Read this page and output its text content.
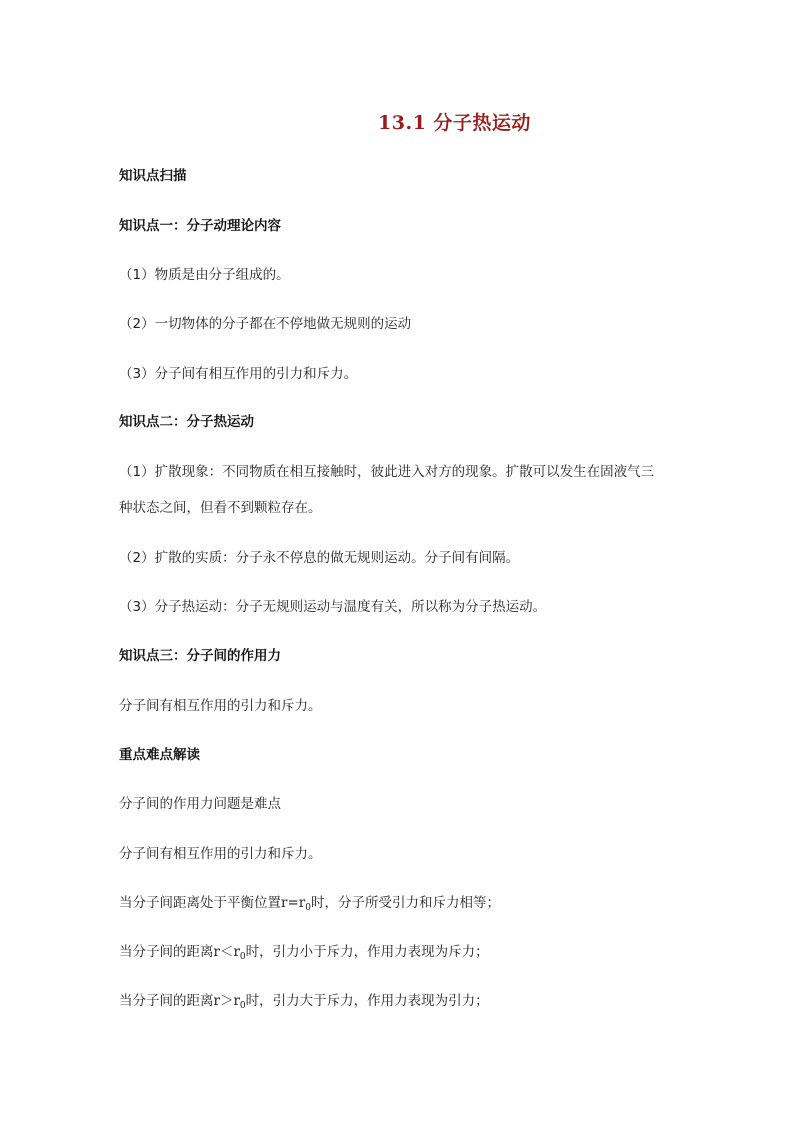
13.1 分子热运动
知识点扫描
知识点一：分子动理论内容
（1）物质是由分子组成的。
（2）一切物体的分子都在不停地做无规则的运动
（3）分子间有相互作用的引力和斥力。
知识点二：分子热运动
（1）扩散现象：不同物质在相互接触时，彼此进入对方的现象。扩散可以发生在固液气三
种状态之间，但看不到颗粒存在。
（2）扩散的实质：分子永不停息的做无规则运动。分子间有间隔。
（3）分子热运动：分子无规则运动与温度有关，所以称为分子热运动。
知识点三：分子间的作用力
分子间有相互作用的引力和斥力。
重点难点解读
分子间的作用力问题是难点
分子间有相互作用的引力和斥力。
当分子间距离处于平衡位置$r=r_0$时，分子所受引力和斥力相等；
当分子间的距离$r<r_0$时，引力小于斥力，作用力表现为斥力；
当分子间的距离$r>r_0$时，引力大于斥力，作用力表现为引力；
